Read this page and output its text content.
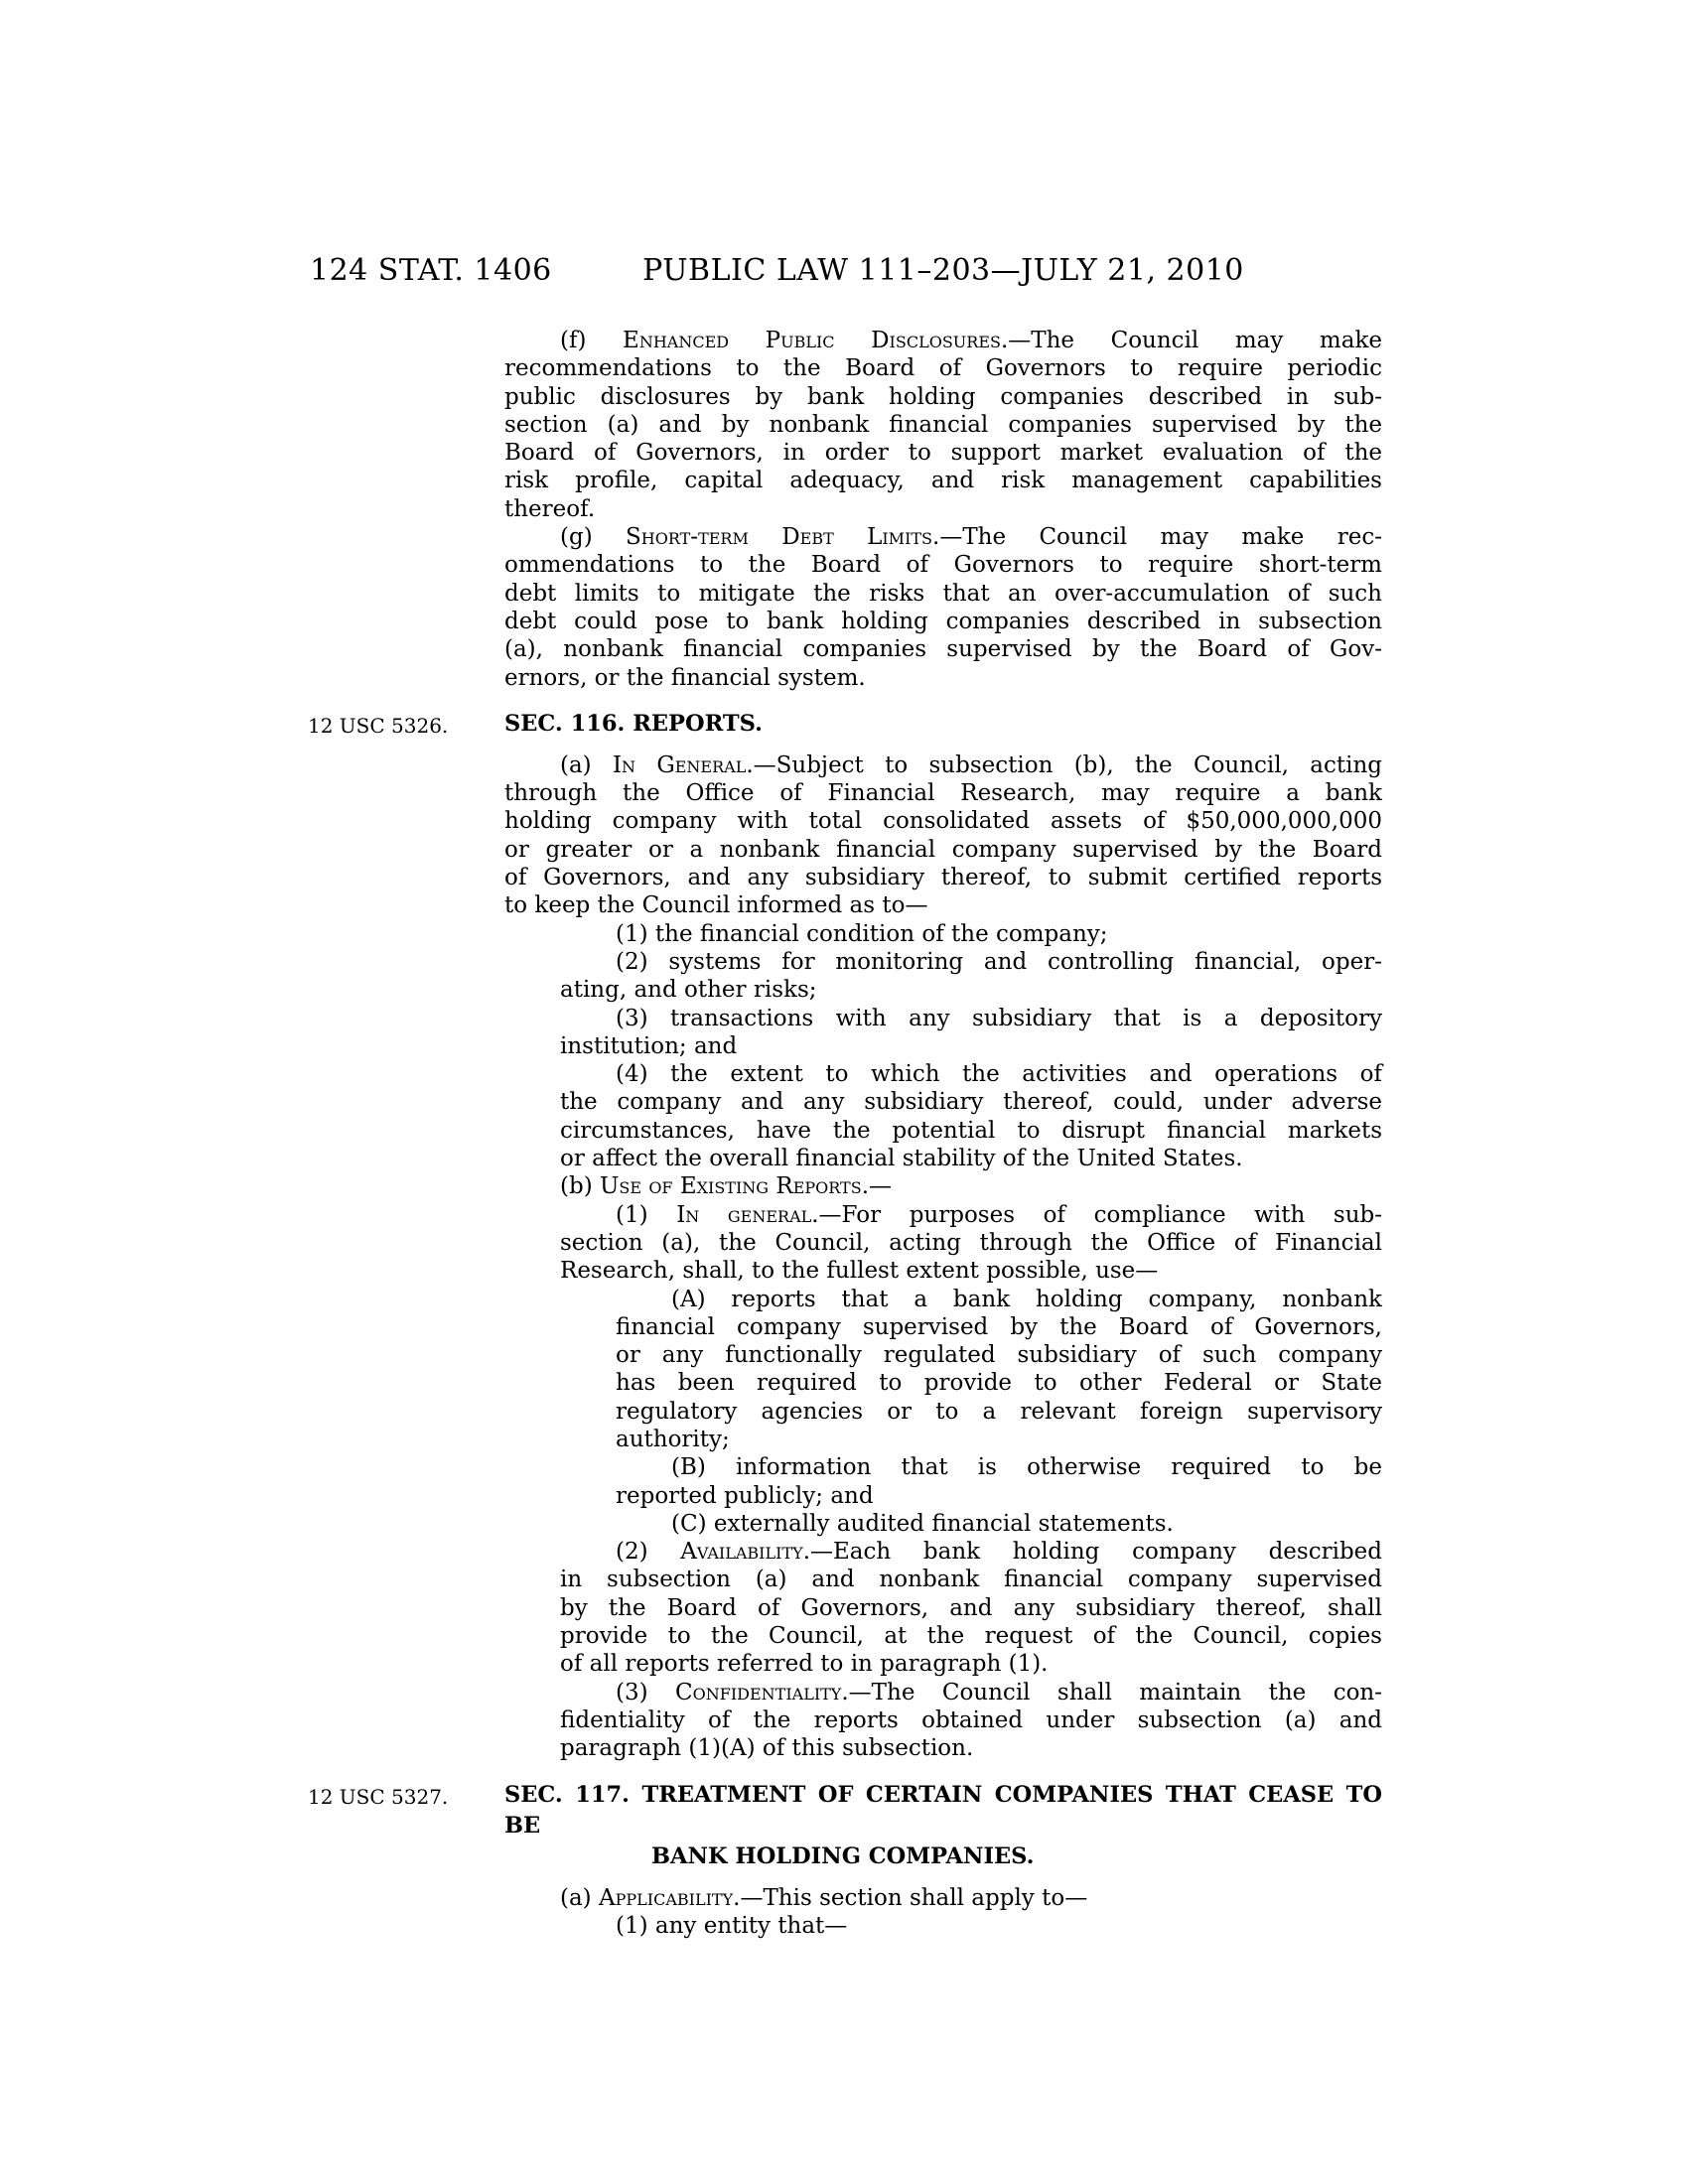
124 STAT. 1406	PUBLIC LAW 111–203—JULY 21, 2010
(f) Enhanced Public Disclosures.—The Council may make
recommendations to the Board of Governors to require periodic
public disclosures by bank holding companies described in sub-
section (a) and by nonbank financial companies supervised by the
Board of Governors, in order to support market evaluation of the
risk profile, capital adequacy, and risk management capabilities
thereof.
(g) Short-term Debt Limits.—The Council may make rec-
ommendations to the Board of Governors to require short-term
debt limits to mitigate the risks that an over-accumulation of such
debt could pose to bank holding companies described in subsection
(a), nonbank financial companies supervised by the Board of Gov-
ernors, or the financial system.
12 USC 5326.	SEC. 116. REPORTS.
(a) In General.—Subject to subsection (b), the Council, acting
through the Office of Financial Research, may require a bank
holding company with total consolidated assets of $50,000,000,000
or greater or a nonbank financial company supervised by the Board
of Governors, and any subsidiary thereof, to submit certified reports
to keep the Council informed as to—
(1) the financial condition of the company;
(2) systems for monitoring and controlling financial, oper-
ating, and other risks;
(3) transactions with any subsidiary that is a depository
institution; and
(4) the extent to which the activities and operations of
the company and any subsidiary thereof, could, under adverse
circumstances, have the potential to disrupt financial markets
or affect the overall financial stability of the United States.
(b) Use of Existing Reports.—
(1) In general.—For purposes of compliance with sub-
section (a), the Council, acting through the Office of Financial
Research, shall, to the fullest extent possible, use—
(A) reports that a bank holding company, nonbank
financial company supervised by the Board of Governors,
or any functionally regulated subsidiary of such company
has been required to provide to other Federal or State
regulatory agencies or to a relevant foreign supervisory
authority;
(B) information that is otherwise required to be
reported publicly; and
(C) externally audited financial statements.
(2) Availability.—Each bank holding company described
in subsection (a) and nonbank financial company supervised
by the Board of Governors, and any subsidiary thereof, shall
provide to the Council, at the request of the Council, copies
of all reports referred to in paragraph (1).
(3) Confidentiality.—The Council shall maintain the con-
fidentiality of the reports obtained under subsection (a) and
paragraph (1)(A) of this subsection.
12 USC 5327.	SEC. 117. TREATMENT OF CERTAIN COMPANIES THAT CEASE TO BE
BANK HOLDING COMPANIES.
(a) Applicability.—This section shall apply to—
(1) any entity that—
